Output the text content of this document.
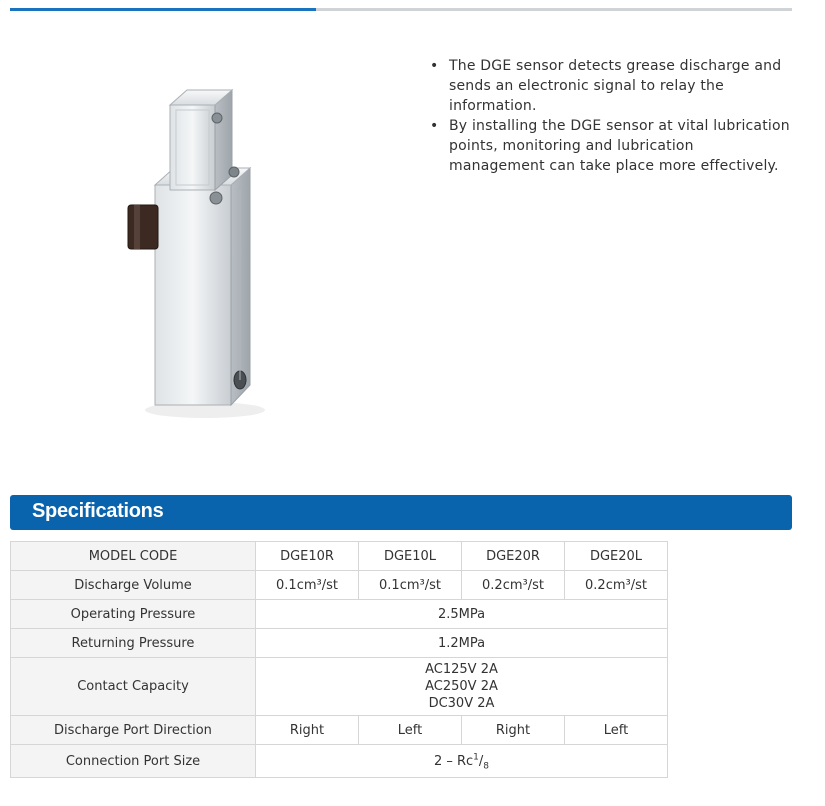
• The DGE sensor detects grease discharge and sends an electronic signal to relay the information.
• By installing the DGE sensor at vital lubrication points, monitoring and lubrication management can take place more effectively.
Specifications
MODEL CODE	DGE10R	DGE10L	DGE20R	DGE20L
Discharge Volume	0.1cm³/st	0.1cm³/st	0.2cm³/st	0.2cm³/st
Operating Pressure	2.5MPa			
Returning Pressure	1.2MPa			
Contact Capacity	AC125V 2A
AC250V 2A
DC30V 2A			

Discharge Port Direction	Right	Left	Right	Left
Connection Port Size	$2 - Rc^1/_8$
